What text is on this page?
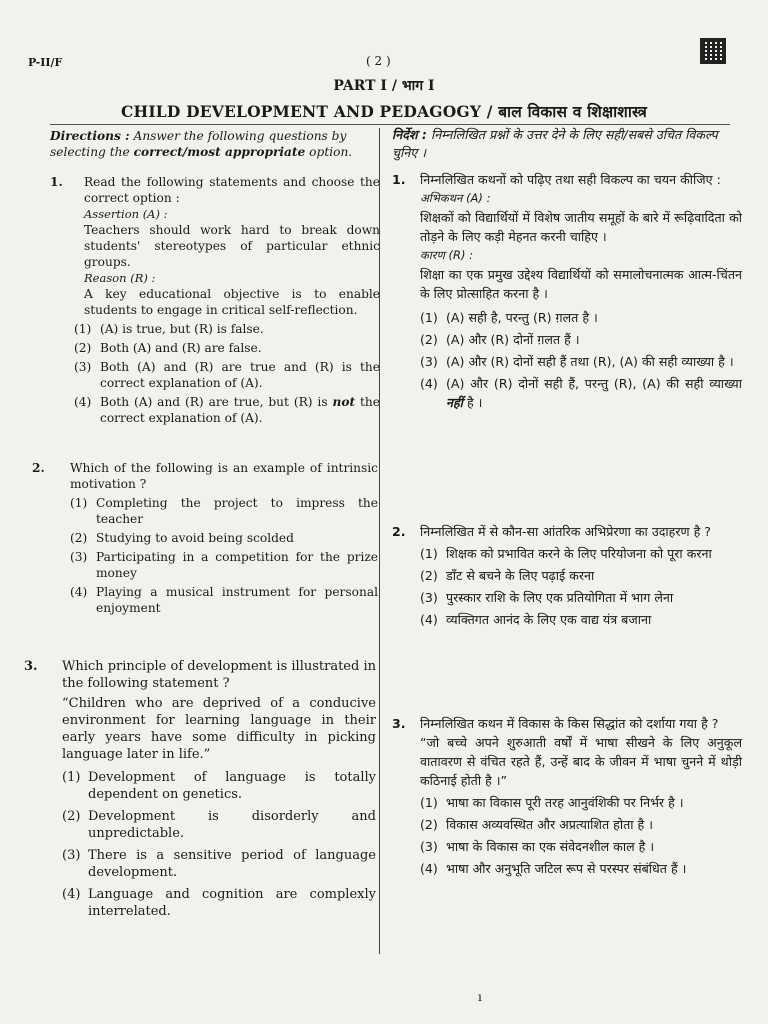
P-II/F	( 2 )
PART I / भाग I
CHILD DEVELOPMENT AND PEDAGOGY / बाल विकास व शिक्षाशास्त्र
Directions : Answer the following questions by selecting the correct/most appropriate option.
1.	Read the following statements and choose the correct option :
Assertion (A) :
Teachers should work hard to break down students' stereotypes of particular ethnic groups.
Reason (R) :
A key educational objective is to enable students to engage in critical self-reflection.
(1) (A) is true, but (R) is false.
(2) Both (A) and (R) are false.
(3) Both (A) and (R) are true and (R) is the correct explanation of (A).
(4) Both (A) and (R) are true, but (R) is not the correct explanation of (A).
2.	Which of the following is an example of intrinsic motivation ?
(1) Completing the project to impress the teacher
(2) Studying to avoid being scolded
(3) Participating in a competition for the prize money
(4) Playing a musical instrument for personal enjoyment
3.	Which principle of development is illustrated in the following statement ?
“Children who are deprived of a conducive environment for learning language in their early years have some difficulty in picking language later in life.”
(1) Development of language is totally dependent on genetics.
(2) Development is disorderly and unpredictable.
(3) There is a sensitive period of language development.
(4) Language and cognition are complexly interrelated.
निर्देश : निम्नलिखित प्रश्नों के उत्तर देने के लिए सही/सबसे उचित विकल्प चुनिए ।
1.	निम्नलिखित कथनों को पढ़िए तथा सही विकल्प का चयन कीजिए :
अभिकथन (A) :
शिक्षकों को विद्यार्थियों में विशेष जातीय समूहों के बारे में रूढ़िवादिता को तोड़ने के लिए कड़ी मेहनत करनी चाहिए ।
कारण (R) :
शिक्षा का एक प्रमुख उद्देश्य विद्यार्थियों को समालोचनात्मक आत्म-चिंतन के लिए प्रोत्साहित करना है ।
(1) (A) सही है, परन्तु (R) ग़लत है ।
(2) (A) और (R) दोनों ग़लत हैं ।
(3) (A) और (R) दोनों सही हैं तथा (R), (A) की सही व्याख्या है ।
(4) (A) और (R) दोनों सही हैं, परन्तु (R), (A) की सही व्याख्या नहीं है ।
2.	निम्नलिखित में से कौन-सा आंतरिक अभिप्रेरणा का उदाहरण है ?
(1) शिक्षक को प्रभावित करने के लिए परियोजना को पूरा करना
(2) डाँट से बचने के लिए पढ़ाई करना
(3) पुरस्कार राशि के लिए एक प्रतियोगिता में भाग लेना
(4) व्यक्तिगत आनंद के लिए एक वाद्य यंत्र बजाना
3.	निम्नलिखित कथन में विकास के किस सिद्धांत को दर्शाया गया है ?
“जो बच्चे अपने शुरुआती वर्षों में भाषा सीखने के लिए अनुकूल वातावरण से वंचित रहते हैं, उन्हें बाद के जीवन में भाषा चुनने में थोड़ी कठिनाई होती है ।”
(1) भाषा का विकास पूरी तरह आनुवंशिकी पर निर्भर है ।
(2) विकास अव्यवस्थित और अप्रत्याशित होता है ।
(3) भाषा के विकास का एक संवेदनशील काल है ।
(4) भाषा और अनुभूति जटिल रूप से परस्पर संबंधित हैं ।
ı
